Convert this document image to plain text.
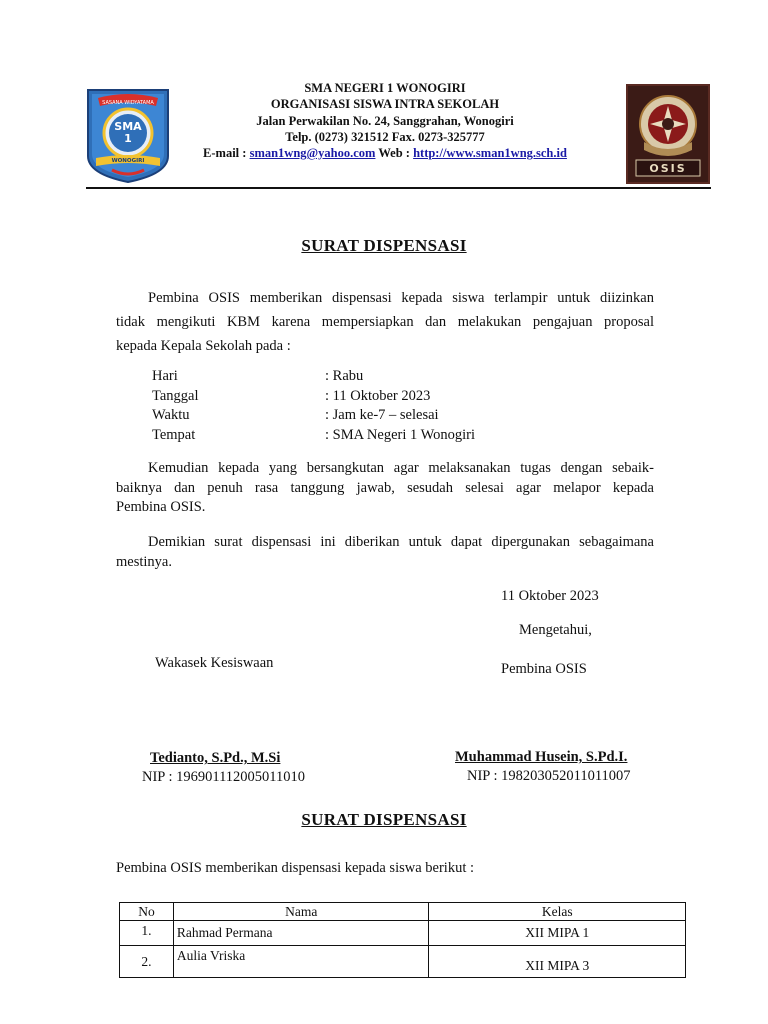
SASANA WIDYATAMA
SMA
1
WONOGIRI
SMA NEGERI 1 WONOGIRI
ORGANISASI SISWA INTRA SEKOLAH
Jalan Perwakilan No. 24, Sanggrahan, Wonogiri
Telp. (0273) 321512 Fax. 0273-325777
E-mail : sman1wng@yahoo.com Web : http://www.sman1wng.sch.id
OSIS
SURAT DISPENSASI
Pembina OSIS memberikan dispensasi kepada siswa terlampir untuk diizinkan
tidak mengikuti KBM karena mempersiapkan dan melakukan pengajuan proposal
kepada Kepala Sekolah pada :
Hari	: Rabu
Tanggal	: 11 Oktober 2023
Waktu	: Jam ke-7 – selesai
Tempat	: SMA Negeri 1 Wonogiri
Kemudian kepada yang bersangkutan agar melaksanakan tugas dengan sebaik-
baiknya dan penuh rasa tanggung jawab, sesudah selesai agar melapor kepada
Pembina OSIS.
Demikian surat dispensasi ini diberikan untuk dapat dipergunakan sebagaimana
mestinya.
11 Oktober 2023
Mengetahui,
Wakasek Kesiswaan	Pembina OSIS
Tedianto, S.Pd., M.Si
NIP : 196901112005011010
Muhammad Husein, S.Pd.I.
NIP : 198203052011011007
SURAT DISPENSASI
Pembina OSIS memberikan dispensasi kepada siswa berikut :
No	Nama	Kelas
1.	Rahmad Permana	XII MIPA 1
2.	Aulia Vriska	XII MIPA 3
